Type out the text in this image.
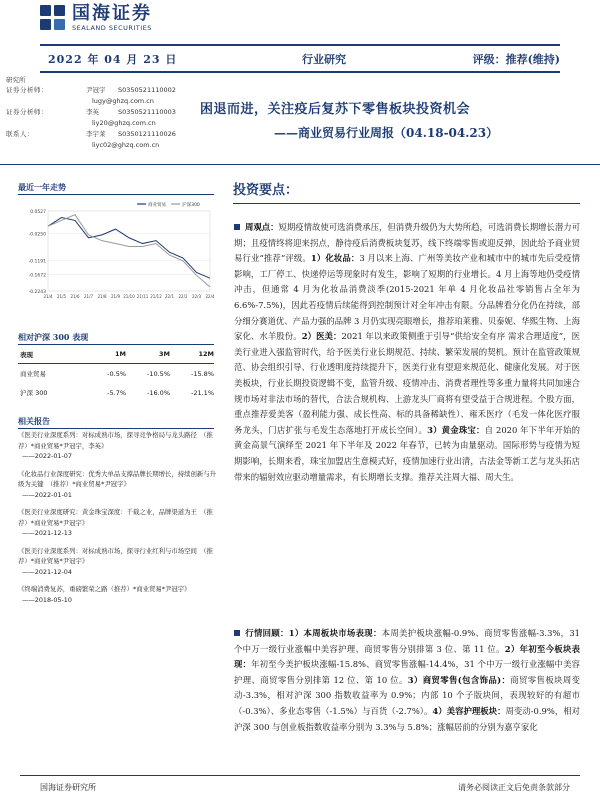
国海证券
SEALAND SECURITIES
2022 年 04 月 23 日	行业研究	评级：推荐(维持)
研究所
证券分析师：	尹冠宇	S0350521110002
lugy@ghzq.com.cn
证券分析师：	李英	S0350521110003
liy20@ghzq.com.cn
联系人：	李宇莱	S0350121110026
liyc02@ghzq.com.cn
困退而进，关注疫后复苏下零售板块投资机会
——商业贸易行业周报（04.18-04.23）
最近一年走势
0.0527
-0.0250
-0.1191
-0.1672
-0.2243
21/4 21/5 21/6 21/7 21/8 21/9 21/10 21/11 21/12 22/1 22/2 22/3 22/4
商业贸易	沪深300
相对沪深 300 表现
表现	1M	3M	12M
商业贸易	-0.5%	-10.5%	-15.8%
沪深 300	-5.7%	-16.0%	-21.1%
相关报告
《医美行业深度系列：对标成熟市场，探寻竞争格局与龙头路径　（推荐）*商业贸易*尹冠宇，李英》
——2022-01-07
《化妆品行业深度研究：优秀大单品支撑品牌长期增长，持续创新与升级为关键　（推荐）*商业贸易*尹冠宇》
——2022-01-01
《医美行业深度研究：黄金珠宝深度：千载之业，品牌渠道为王　（推荐）*商业贸易*尹冠宇》
——2021-12-13
《医美行业深度系列：对标成熟市场，探寻行业红利与市场空间　（推荐）*商业贸易*尹冠宇》
——2021-12-04
《终端消费复苏，重磅繁荣之路（推荐）*商业贸易*尹冠宇》
——2018-05-10
投资要点：
周观点：短期疫情故使可选消费承压，但消费升级仍为大势所趋，可选消费长期增长潜力可期；且疫情终将迎来拐点，静待疫后消费板块复苏，线下终端零售或迎反弹，因此给予商业贸易行业“推荐”评级。1）化妆品：3 月以来上海、广州等美妆产业和城市中的城市先后受疫情影响，工厂停工、快递停运等现象时有发生，影响了短期的行业增长。4 月上海等地仍受疫情冲击，但通常 4 月为化妆品消费淡季(2015-2021 年单 4 月化妆品社零销售占全年为 6.6%-7.5%)，因此若疫情后续能得到控制预计对全年冲击有限。分品牌看分化仍在持续，部分细分赛道优、产品力强的品牌 3 月仍实现亮眼增长，推荐珀莱雅、贝泰妮、华熙生物、上海家化、水羊股份。2）医美：2021 年以来政策侧重于引导“供给安全有序 需求合理适度”，医美行业进入强监管时代，给予医美行业长期规范、持续、繁荣发展的契机。预计在监管政策规范、协会组织引导、行业透明度持续提升下，医美行业有望迎来规范化、健康化发展。对于医美板块，行业长期投资逻辑不变，监管升级、疫情冲击、消费者理性等多重力量将共同加速合规市场对非法市场的替代，合法合规机构、上游龙头厂商将有望受益于合规进程。个股方面，重点推荐爱美客（盈利能力强、成长性高、标的具备稀缺性）、雍禾医疗（毛发一体化医疗服务龙头，门店扩张与毛发生态落地打开成长空间）。3）黄金珠宝：自 2020 年下半年开始的黄金高景气演绎至 2021 年下半年及 2022 年春节，已转为由量驱动。国际形势与疫情为短期影响，长期来看，珠宝加盟店生意模式好，疫情加速行业出清，古法金等新工艺与龙头拓店带来的辐射效应驱动增量需求，有长期增长支撑。推荐关注周大福、周大生。
行情回顾：1）本周板块市场表现：本周美护板块涨幅-0.9%、商贸零售涨幅-3.3%，31 个中万一级行业涨幅中美容护理、商贸零售分别排第 3 位、第 11 位。2）年初至今板块表现：年初至今美护板块涨幅-15.8%、商贸零售涨幅-14.4%，31 个中万一级行业涨幅中美容护理、商贸零售分别排第 12 位、第 10 位。3）商贸零售(包含饰品)：商贸零售板块周变动-3.3%，相对沪深 300 指数收益率为 0.9%；内部 10 个子版块间，表现较好的有超市（-0.3%）、多业态零售（-1.5%）与百货（-2.7%）。4）美容护理板块：周变动-0.9%，相对沪深 300 与创业板指数收益率分别为 3.3%与 5.8%；涨幅居前的分别为嘉亨家化
国海证券研究所	请务必阅读正文后免责条款部分
